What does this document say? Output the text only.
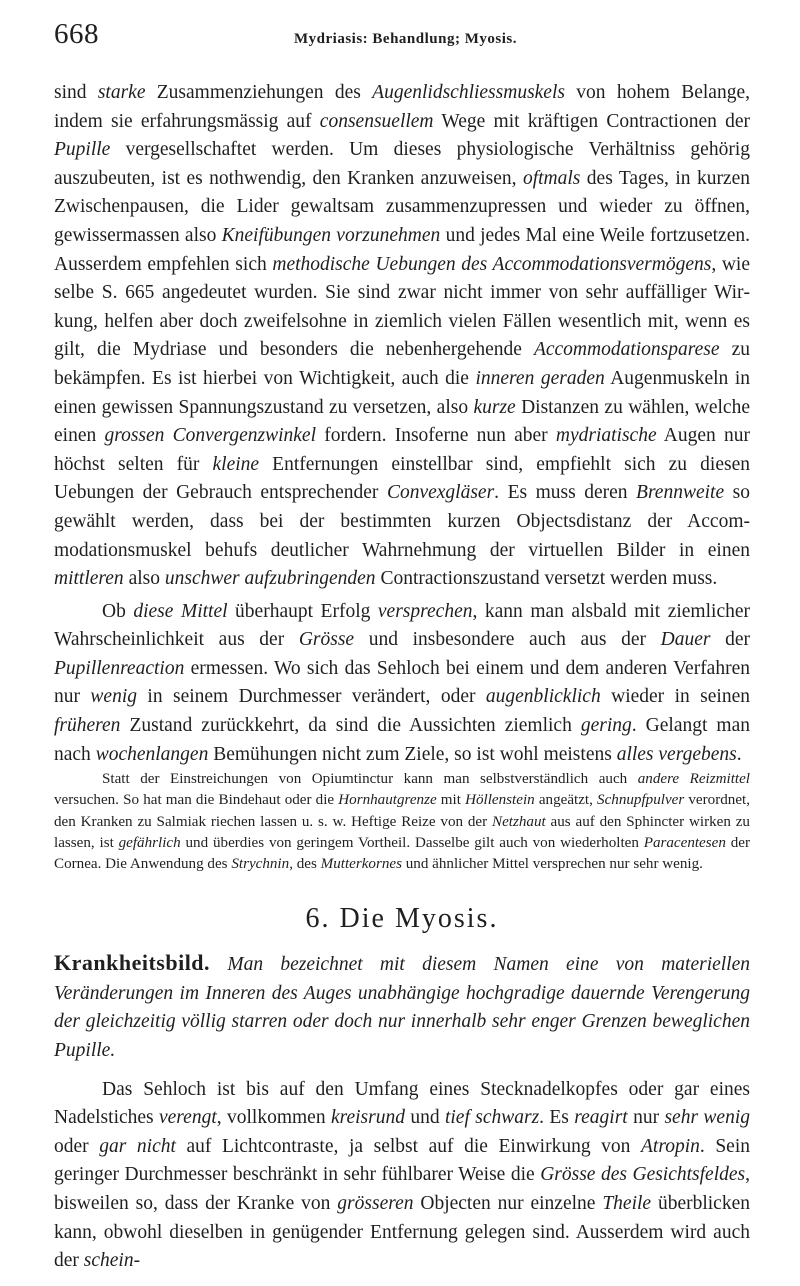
668	Mydriasis: Behandlung; Myosis.

sind starke Zusammenziehungen des Augenlidschliessmuskels von hohem Belange, indem sie erfahrungsmässig auf consensuellem Wege mit kräftigen Contractionen der Pupille vergesellschaftet werden. Um dieses physiologische Verhältniss gehörig auszubeuten, ist es nothwendig, den Kranken anzuweisen, oftmals des Tages, in kurzen Zwischenpausen, die Lider gewaltsam zusammenzupressen und wieder zu öffnen, gewissermassen also Kneifübungen vorzunehmen und jedes Mal eine Weile fortzusetzen. Ausserdem empfehlen sich methodische Uebungen des Accommodationsvermögens, wie selbe S. 665 angedeutet wurden. Sie sind zwar nicht immer von sehr auffälliger Wirkung, helfen aber doch zweifelsohne in ziemlich vielen Fällen wesentlich mit, wenn es gilt, die Mydriase und besonders die nebenhergehende Accommodationsparese zu bekämpfen. Es ist hierbei von Wichtigkeit, auch die inneren geraden Augenmuskeln in einen gewissen Spannungszustand zu versetzen, also kurze Distanzen zu wählen, welche einen grossen Convergenzwinkel fordern. Insoferne nun aber mydriatische Augen nur höchst selten für kleine Entfernungen einstellbar sind, empfiehlt sich zu diesen Uebungen der Gebrauch entsprechender Convexgläser. Es muss deren Brennweite so gewählt werden, dass bei der bestimmten kurzen Objectsdistanz der Accommodationsmuskel behufs deutlicher Wahrnehmung der virtuellen Bilder in einen mittleren also unschwer aufzubringenden Contractionszustand versetzt werden muss.

Ob diese Mittel überhaupt Erfolg versprechen, kann man alsbald mit ziemlicher Wahrscheinlichkeit aus der Grösse und insbesondere auch aus der Dauer der Pupillenreaction ermessen. Wo sich das Sehloch bei einem und dem anderen Verfahren nur wenig in seinem Durchmesser verändert, oder augenblicklich wieder in seinen früheren Zustand zurückkehrt, da sind die Aussichten ziemlich gering. Gelangt man nach wochenlangen Bemühungen nicht zum Ziele, so ist wohl meistens alles vergebens.

Statt der Einstreichungen von Opiumtinctur kann man selbstverständlich auch andere Reizmittel versuchen. So hat man die Bindehaut oder die Hornhautgrenze mit Höllenstein angeätzt, Schnupfpulver verordnet, den Kranken zu Salmiak riechen lassen u. s. w. Heftige Reize von der Netzhaut aus auf den Sphincter wirken zu lassen, ist gefährlich und überdies von geringem Vortheil. Dasselbe gilt auch von wiederholten Paracentesen der Cornea. Die Anwendung des Strychnin, des Mutterkornes und ähnlicher Mittel versprechen nur sehr wenig.

6. Die Myosis.

Krankheitsbild. Man bezeichnet mit diesem Namen eine von materiellen Veränderungen im Inneren des Auges unabhängige hochgradige dauernde Verengerung der gleichzeitig völlig starren oder doch nur innerhalb sehr enger Grenzen beweglichen Pupille.

Das Sehloch ist bis auf den Umfang eines Stecknadelkopfes oder gar eines Nadelstiches verengt, vollkommen kreisrund und tief schwarz. Es reagirt nur sehr wenig oder gar nicht auf Lichtcontraste, ja selbst auf die Einwirkung von Atropin. Sein geringer Durchmesser beschränkt in sehr fühlbarer Weise die Grösse des Gesichtsfeldes, bisweilen so, dass der Kranke von grösseren Objecten nur einzelne Theile überblicken kann, obwohl dieselben in genügender Entfernung gelegen sind. Ausserdem wird auch der schein-
